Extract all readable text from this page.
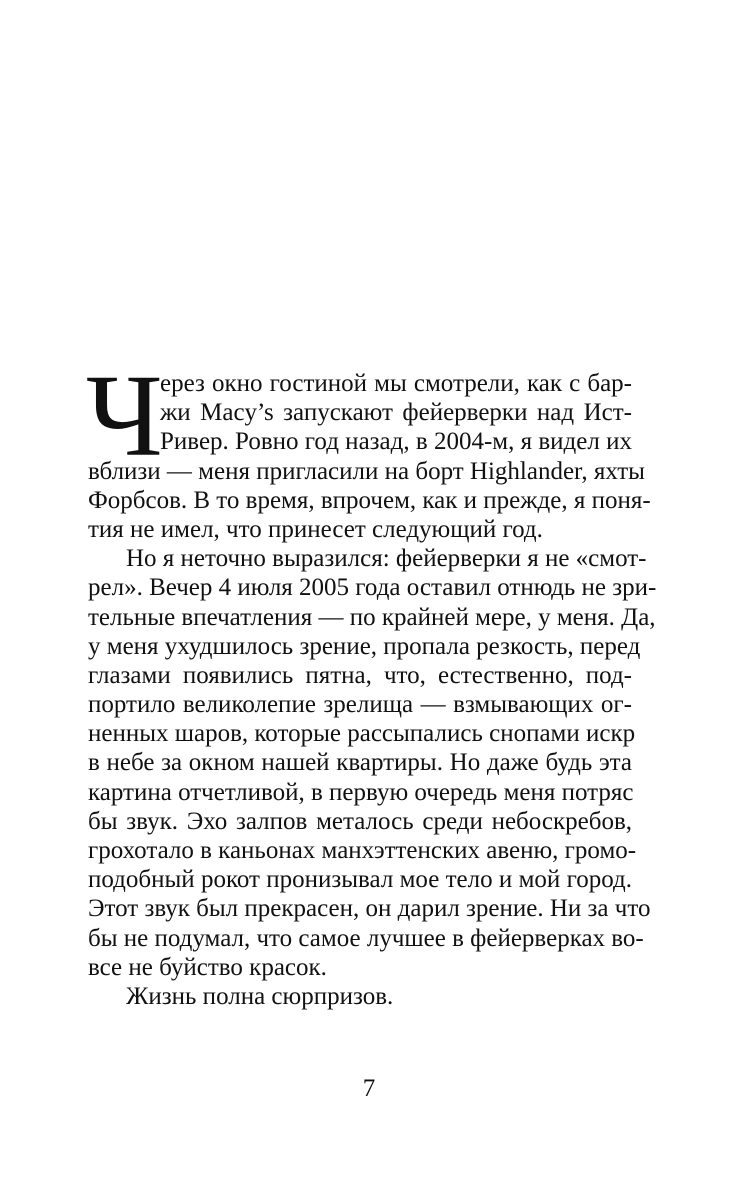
Ч
ерез окно гостиной мы смотрели, как с бар-
жи Macy’s запускают фейерверки над Ист-
Ривер. Ровно год назад, в 2004-м, я видел их
вблизи — меня пригласили на борт Highlander, яхты
Форбсов. В то время, впрочем, как и прежде, я поня-
тия не имел, что принесет следующий год.
Но я неточно выразился: фейерверки я не «смот-
рел». Вечер 4 июля 2005 года оставил отнюдь не зри-
тельные впечатления — по крайней мере, у меня. Да,
у меня ухудшилось зрение, пропала резкость, перед
глазами появились пятна, что, естественно, под-
портило великолепие зрелища — взмывающих ог-
ненных шаров, которые рассыпались снопами искр
в небе за окном нашей квартиры. Но даже будь эта
картина отчетливой, в первую очередь меня потряс
бы звук. Эхо залпов металось среди небоскребов,
грохотало в каньонах манхэттенских авеню, громо-
подобный рокот пронизывал мое тело и мой город.
Этот звук был прекрасен, он дарил зрение. Ни за что
бы не подумал, что самое лучшее в фейерверках во-
все не буйство красок.
Жизнь полна сюрпризов.
7
